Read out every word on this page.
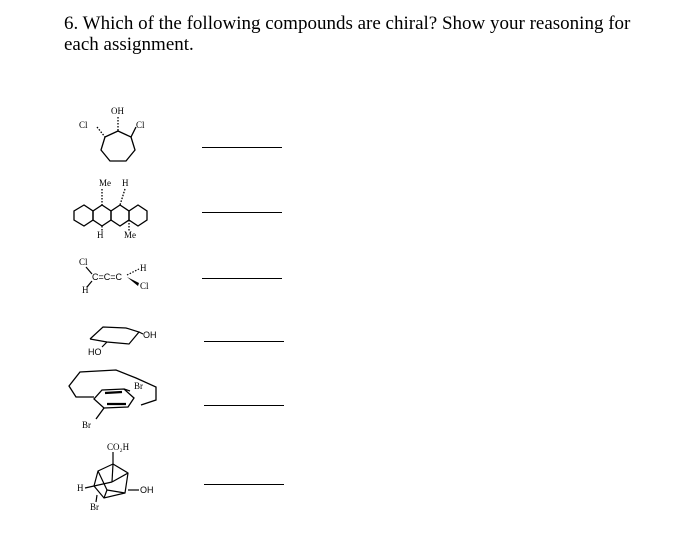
6. Which of the following compounds are chiral? Show your reasoning for each assignment.
OH
Cl	Cl
Me H
H Me
Cl
H
C=C=C
H
Cl
OH
HO
Br
Br
CO₂H
H	OH
Br
